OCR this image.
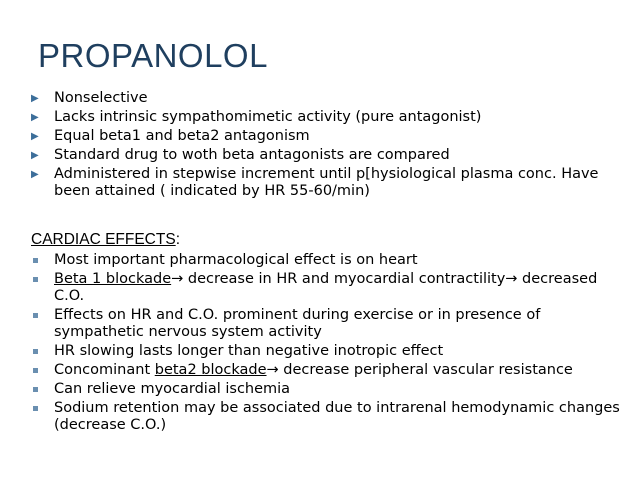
PROPANOLOL
▶ Nonselective
▶ Lacks intrinsic sympathomimetic activity (pure antagonist)
▶ Equal beta1 and beta2 antagonism
▶ Standard drug to woth beta antagonists are compared
▶ Administered in stepwise increment until p[hysiological plasma conc. Have been attained ( indicated by HR 55-60/min)
CARDIAC EFFECTS:
Most important pharmacological effect is on heart
Beta 1 blockade→ decrease in HR and myocardial contractility→ decreased C.O.
Effects on HR and C.O. prominent during exercise or in presence of sympathetic nervous system activity
HR slowing lasts longer than negative inotropic effect
Concominant beta2 blockade→ decrease peripheral vascular resistance
Can relieve myocardial ischemia
Sodium retention may be associated due to intrarenal hemodynamic changes (decrease C.O.)
